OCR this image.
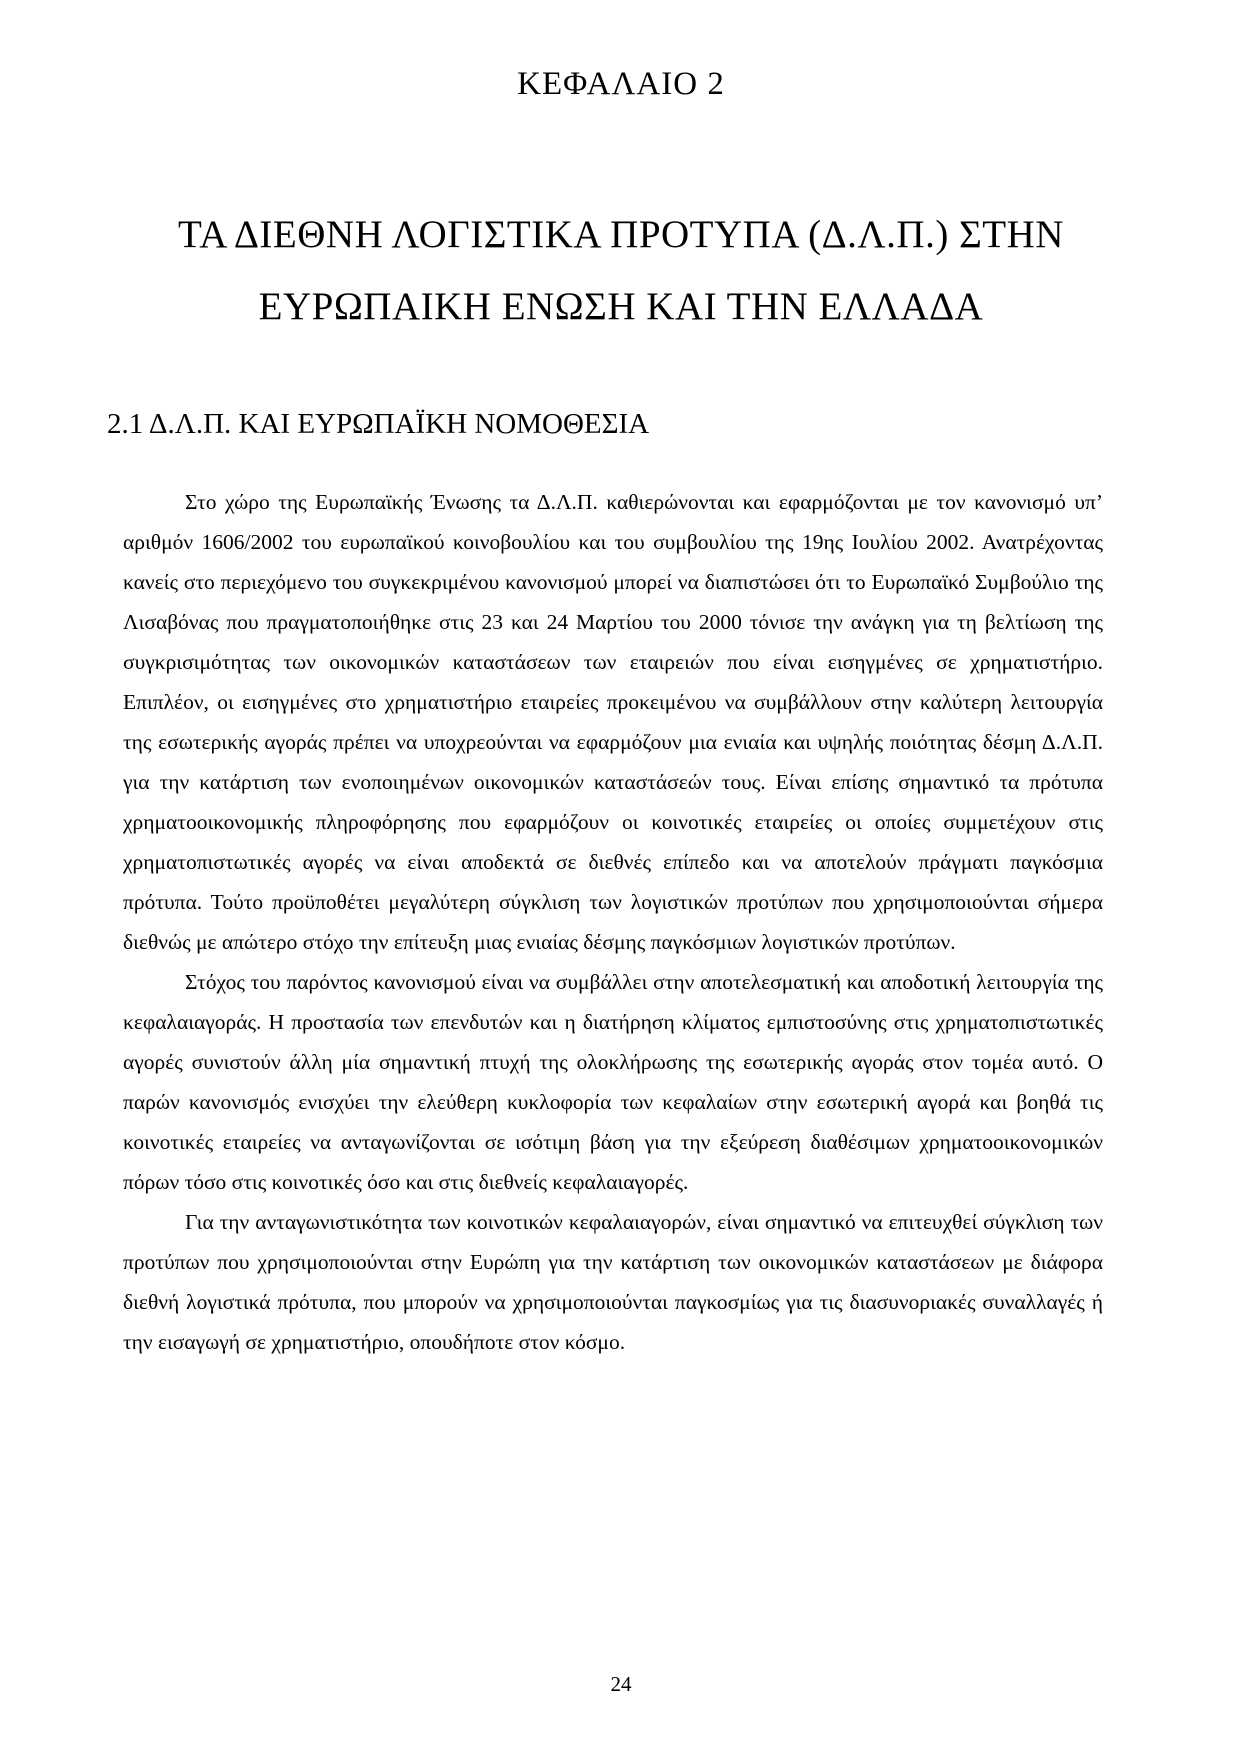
ΚΕΦΑΛΑΙΟ 2
ΤΑ ΔΙΕΘΝΗ ΛΟΓΙΣΤΙΚΑ ΠΡΟΤΥΠΑ (Δ.Λ.Π.) ΣΤΗΝ
ΕΥΡΩΠΑΙΚΗ ΕΝΩΣΗ ΚΑΙ ΤΗΝ ΕΛΛΑΔΑ
2.1 Δ.Λ.Π. ΚΑΙ ΕΥΡΩΠΑΪΚΗ ΝΟΜΟΘΕΣΙΑ

Στο χώρο της Ευρωπαϊκής Ένωσης τα Δ.Λ.Π. καθιερώνονται και εφαρμόζονται με τον κανονισμό υπ’ αριθμόν 1606/2002 του ευρωπαϊκού κοινοβουλίου και του συμβουλίου της 19ης Ιουλίου 2002. Ανατρέχοντας κανείς στο περιεχόμενο του συγκεκριμένου κανονισμού μπορεί να διαπιστώσει ότι το Ευρωπαϊκό Συμβούλιο της Λισαβόνας που πραγματοποιήθηκε στις 23 και 24 Μαρτίου του 2000 τόνισε την ανάγκη για τη βελτίωση της συγκρισιμότητας των οικονομικών καταστάσεων των εταιρειών που είναι εισηγμένες σε χρηματιστήριο. Επιπλέον, οι εισηγμένες στο χρηματιστήριο εταιρείες προκειμένου να συμβάλλουν στην καλύτερη λειτουργία της εσωτερικής αγοράς πρέπει να υποχρεούνται να εφαρμόζουν μια ενιαία και υψηλής ποιότητας δέσμη Δ.Λ.Π. για την κατάρτιση των ενοποιημένων οικονομικών καταστάσεών τους. Είναι επίσης σημαντικό τα πρότυπα χρηματοοικονομικής πληροφόρησης που εφαρμόζουν οι κοινοτικές εταιρείες οι οποίες συμμετέχουν στις χρηματοπιστωτικές αγορές να είναι αποδεκτά σε διεθνές επίπεδο και να αποτελούν πράγματι παγκόσμια πρότυπα. Τούτο προϋποθέτει μεγαλύτερη σύγκλιση των λογιστικών προτύπων που χρησιμοποιούνται σήμερα διεθνώς με απώτερο στόχο την επίτευξη μιας ενιαίας δέσμης παγκόσμιων λογιστικών προτύπων.

Στόχος του παρόντος κανονισμού είναι να συμβάλλει στην αποτελεσματική και αποδοτική λειτουργία της κεφαλαιαγοράς. Η προστασία των επενδυτών και η διατήρηση κλίματος εμπιστοσύνης στις χρηματοπιστωτικές αγορές συνιστούν άλλη μία σημαντική πτυχή της ολοκλήρωσης της εσωτερικής αγοράς στον τομέα αυτό. Ο παρών κανονισμός ενισχύει την ελεύθερη κυκλοφορία των κεφαλαίων στην εσωτερική αγορά και βοηθά τις κοινοτικές εταιρείες να ανταγωνίζονται σε ισότιμη βάση για την εξεύρεση διαθέσιμων χρηματοοικονομικών πόρων τόσο στις κοινοτικές όσο και στις διεθνείς κεφαλαιαγορές.

Για την ανταγωνιστικότητα των κοινοτικών κεφαλαιαγορών, είναι σημαντικό να επιτευχθεί σύγκλιση των προτύπων που χρησιμοποιούνται στην Ευρώπη για την κατάρτιση των οικονομικών καταστάσεων με διάφορα διεθνή λογιστικά πρότυπα, που μπορούν να χρησιμοποιούνται παγκοσμίως για τις διασυνοριακές συναλλαγές ή την εισαγωγή σε χρηματιστήριο, οπουδήποτε στον κόσμο.

24
